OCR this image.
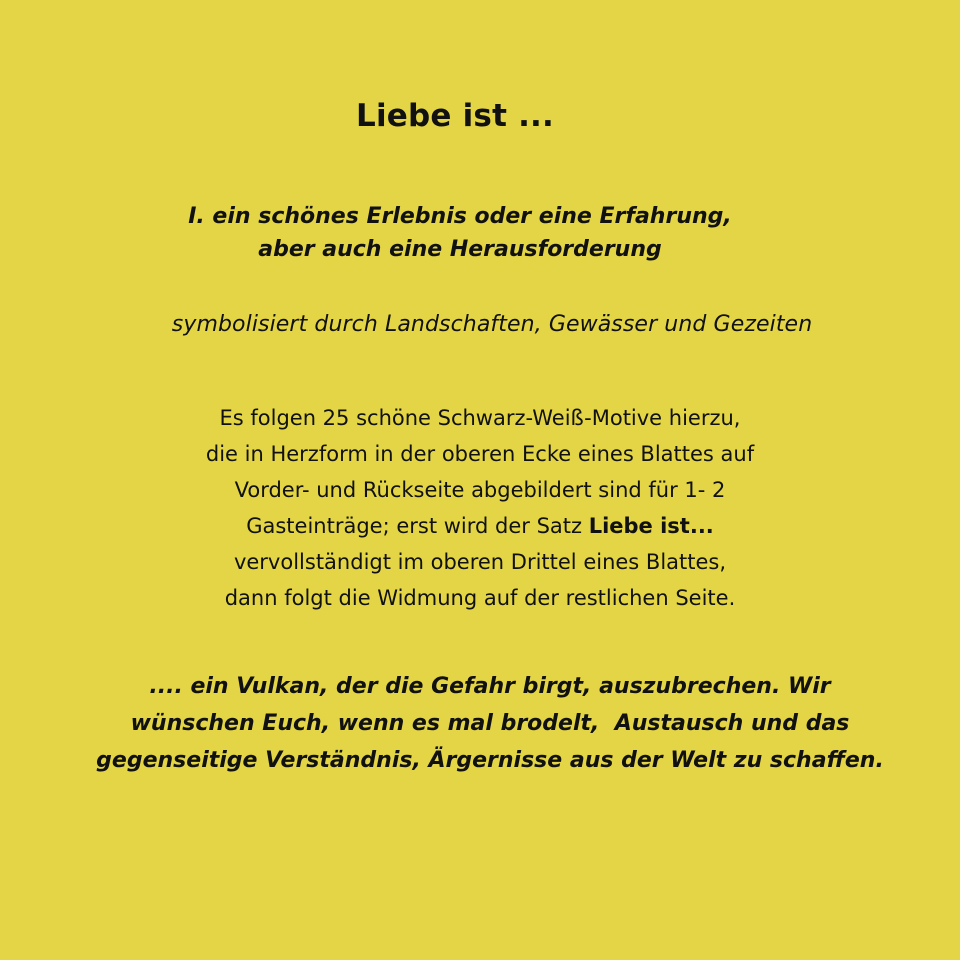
Liebe ist ...
I. ein schönes Erlebnis oder eine Erfahrung,
aber auch eine Herausforderung
symbolisiert durch Landschaften, Gewässer und Gezeiten
Es folgen 25 schöne Schwarz-Weiß-Motive hierzu,
die in Herzform in der oberen Ecke eines Blattes auf
Vorder- und Rückseite abgebildert sind für 1- 2
Gasteinträge; erst wird der Satz Liebe ist...
vervollständigt im oberen Drittel eines Blattes,
dann folgt die Widmung auf der restlichen Seite.
.... ein Vulkan, der die Gefahr birgt, auszubrechen. Wir
wünschen Euch, wenn es mal brodelt,  Austausch und das
gegenseitige Verständnis, Ärgernisse aus der Welt zu schaffen.
